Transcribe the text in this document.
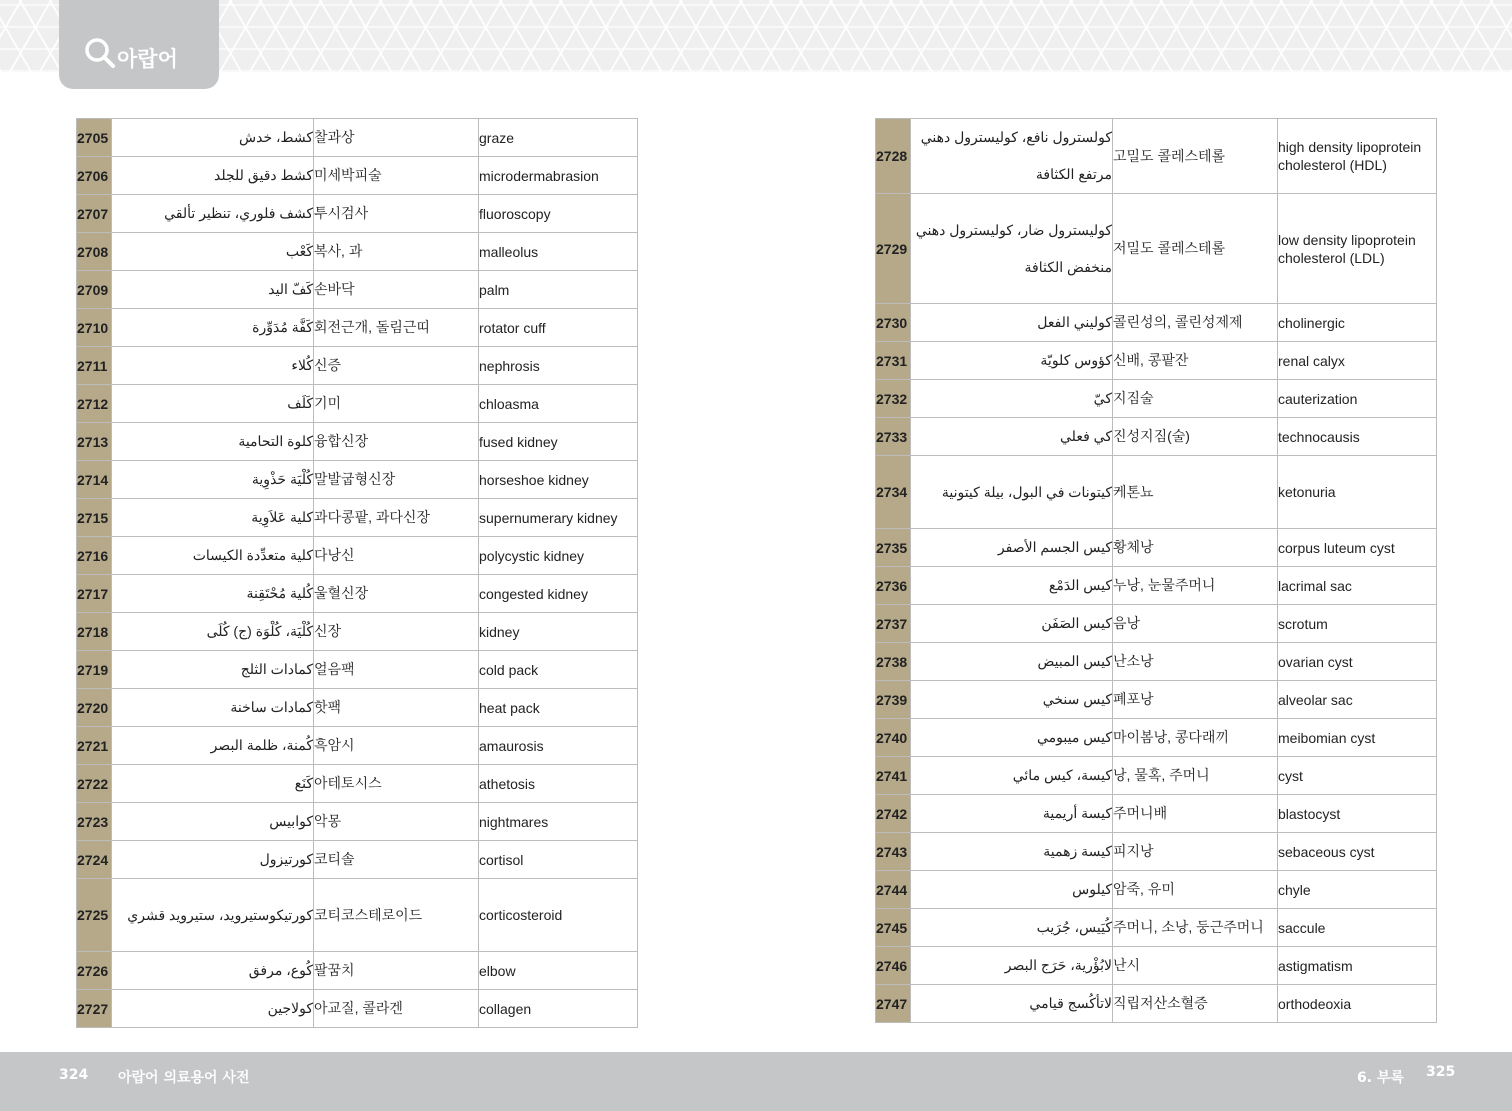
아랍어
2705	كشط، خدش	찰과상	graze
2706	كشط دقيق للجلد	미세박피술	microdermabrasion
2707	كشف فلوري، تنظير تألقي	투시검사	fluoroscopy
2708	كَعْب	복사, 과	malleolus
2709	كَفّ اليد	손바닥	palm
2710	كَفَّة مُدَوِّرة	회전근개, 돌림근띠	rotator cuff
2711	كُلاء	신증	nephrosis
2712	كَلَف	기미	chloasma
2713	كلوة التحامية	융합신장	fused kidney
2714	كُلْيَة حَذْوِية	말발굽형신장	horseshoe kidney
2715	كلية عَلاَوِية	과다콩팥, 과다신장	supernumerary kidney
2716	كلية متعدِّدة الكيسات	다낭신	polycystic kidney
2717	كُلية مُحْتَقِنة	울혈신장	congested kidney
2718	كُلْيَة، كُلْوَة (ج) كُلَى	신장	kidney
2719	كمادات الثلج	얼음팩	cold pack
2720	كمادات ساخنة	핫팩	heat pack
2721	كُمنة، ظلمة البصر	흑암시	amaurosis
2722	كَنَع	아테토시스	athetosis
2723	كوابيس	악몽	nightmares
2724	كورتيزول	코티솔	cortisol
2725	كورتيكوستيرويد، ستيرويد قشري	코티코스테로이드	corticosteroid
2726	كُوع، مرفق	팔꿈치	elbow
2727	كولاجين	아교질, 콜라겐	collagen
2728	كولسترول نافع، كوليسترول دهني مرتفع الكثافة	고밀도 콜레스테롤	high density lipoprotein cholesterol (HDL)
2729	كوليسترول ضار، كوليسترول دهني منخفض الكثافة	저밀도 콜레스테롤	low density lipoprotein cholesterol (LDL)
2730	كوليني الفعل	콜린성의, 콜린성제제	cholinergic
2731	كؤوس كلويّة	신배, 콩팥잔	renal calyx
2732	كيّ	지짐술	cauterization
2733	كي فعلي	진성지짐(술)	technocausis
2734	كيتونات في البول، بيلة كيتونية	케톤뇨	ketonuria
2735	كيس الجسم الأصفر	황체낭	corpus luteum cyst
2736	كيس الدَمْع	누낭, 눈물주머니	lacrimal sac
2737	كيس الصَفَن	음낭	scrotum
2738	كيس المبيض	난소낭	ovarian cyst
2739	كيس سنخي	폐포낭	alveolar sac
2740	كيس ميبومي	마이봄낭, 콩다래끼	meibomian cyst
2741	كيسة، كيس مائي	낭, 물혹, 주머니	cyst
2742	كيسة أريمية	주머니배	blastocyst
2743	كيسة زهمية	피지낭	sebaceous cyst
2744	كيلوس	암죽, 유미	chyle
2745	كُيَيس، جُرَيب	주머니, 소낭, 둥근주머니	saccule
2746	لابُؤْرية، حَرَج البصر	난시	astigmatism
2747	لاتأكُسج قيامي	직립저산소혈증	orthodeoxia
324 아랍어 의료용어 사전	6. 부록 325
